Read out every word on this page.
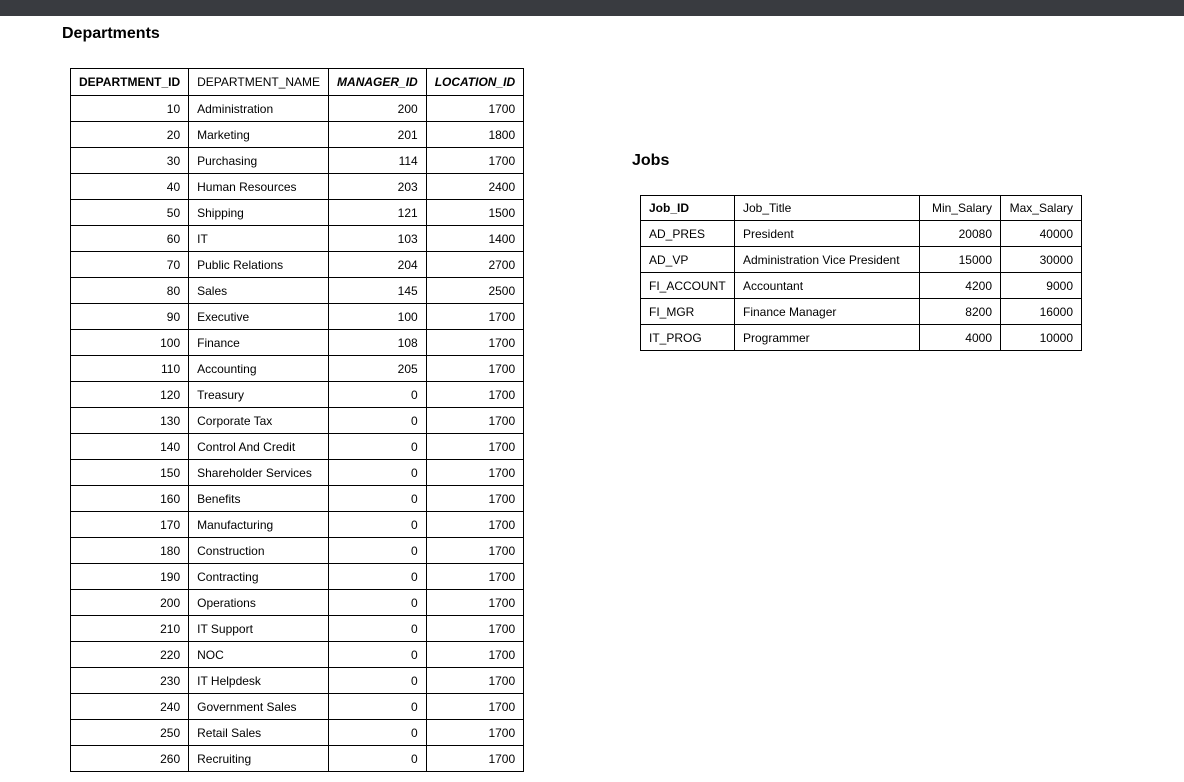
Departments
DEPARTMENT_ID	DEPARTMENT_NAME	MANAGER_ID	LOCATION_ID
10	Administration	200	1700
20	Marketing	201	1800
30	Purchasing	114	1700
40	Human Resources	203	2400
50	Shipping	121	1500
60	IT	103	1400
70	Public Relations	204	2700
80	Sales	145	2500
90	Executive	100	1700
100	Finance	108	1700
110	Accounting	205	1700
120	Treasury	0	1700
130	Corporate Tax	0	1700
140	Control And Credit	0	1700
150	Shareholder Services	0	1700
160	Benefits	0	1700
170	Manufacturing	0	1700
180	Construction	0	1700
190	Contracting	0	1700
200	Operations	0	1700
210	IT Support	0	1700
220	NOC	0	1700
230	IT Helpdesk	0	1700
240	Government Sales	0	1700
250	Retail Sales	0	1700
260	Recruiting	0	1700
Jobs
Job_ID	Job_Title	Min_Salary	Max_Salary
AD_PRES	President	20080	40000
AD_VP	Administration Vice President	15000	30000
FI_ACCOUNT	Accountant	4200	9000
FI_MGR	Finance Manager	8200	16000
IT_PROG	Programmer	4000	10000
